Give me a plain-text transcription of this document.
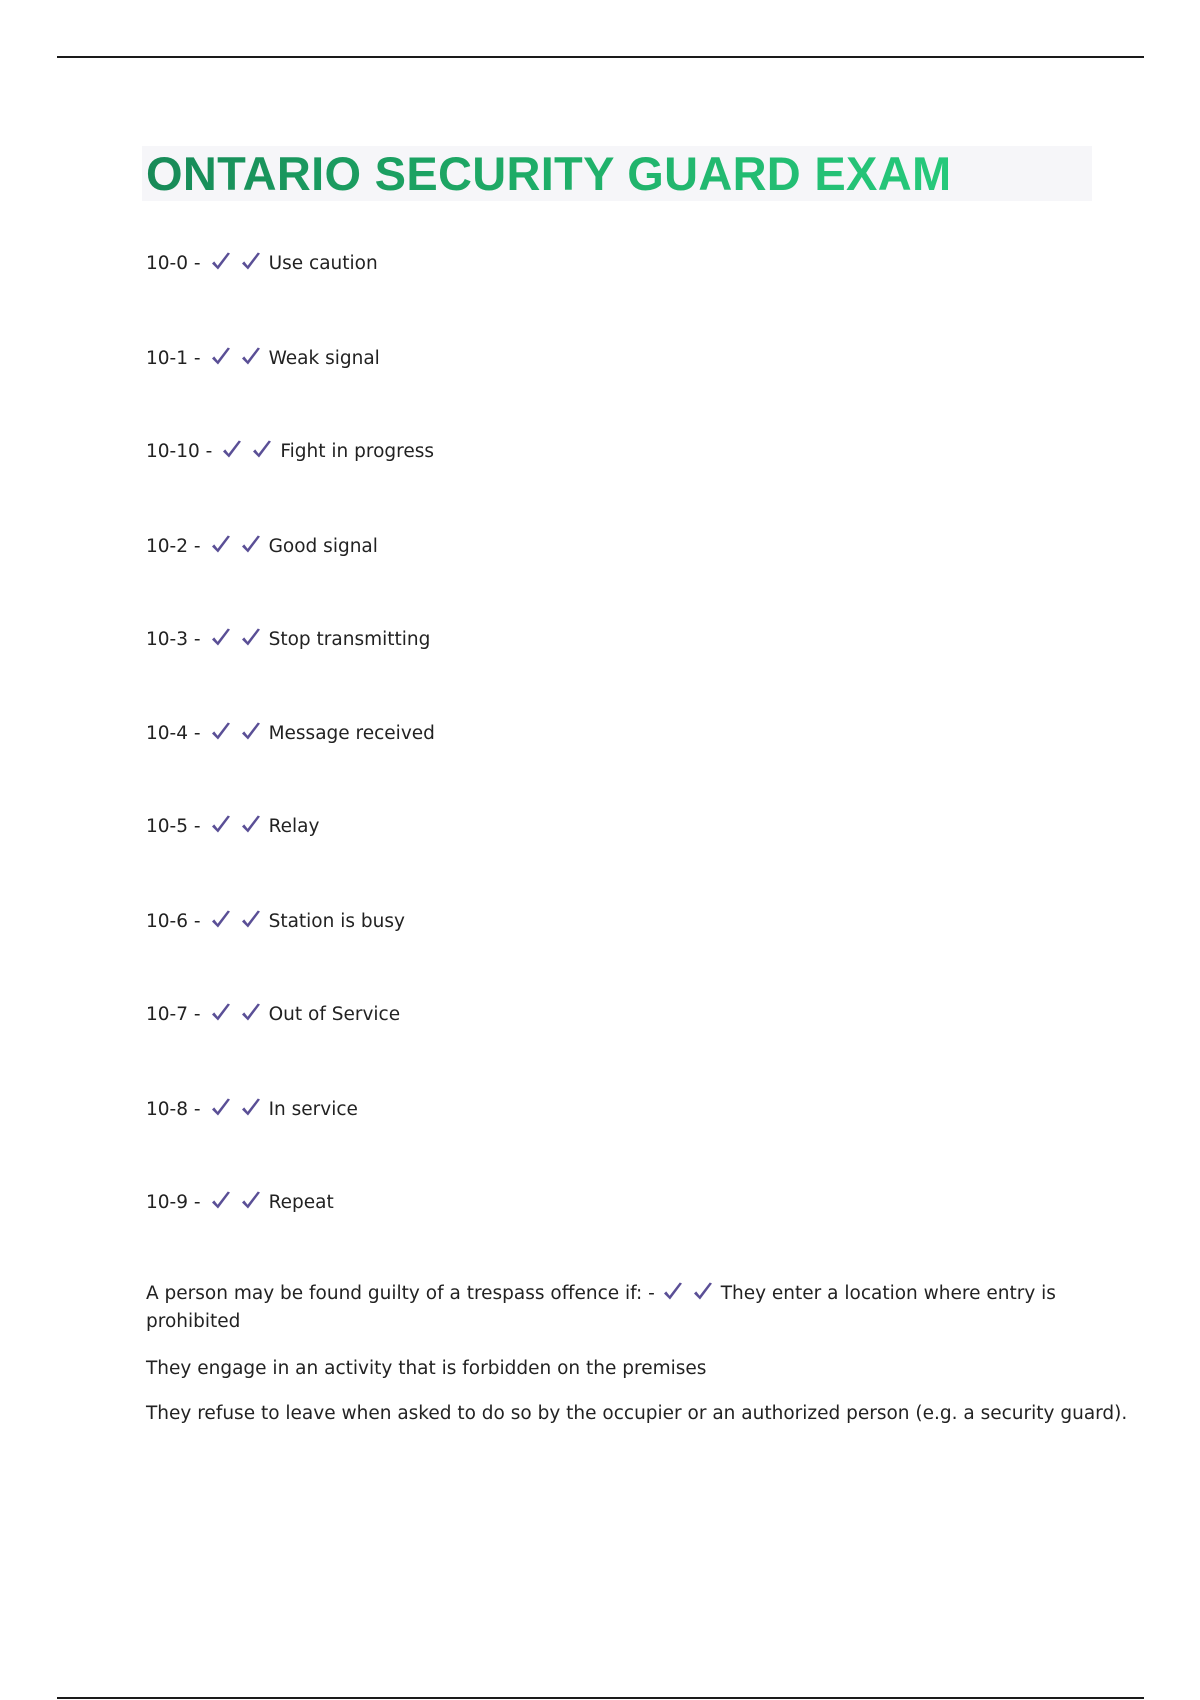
ONTARIO SECURITY GUARD EXAM
10-0 -	Use caution
10-1 -	Weak signal
10-10 -	Fight in progress
10-2 -	Good signal
10-3 -	Stop transmitting
10-4 -	Message received
10-5 -	Relay
10-6 -	Station is busy
10-7 -	Out of Service
10-8 -	In service
10-9 -	Repeat
A person may be found guilty of a trespass offence if: -	They enter a location where entry is prohibited
They engage in an activity that is forbidden on the premises
They refuse to leave when asked to do so by the occupier or an authorized person (e.g. a security guard).
